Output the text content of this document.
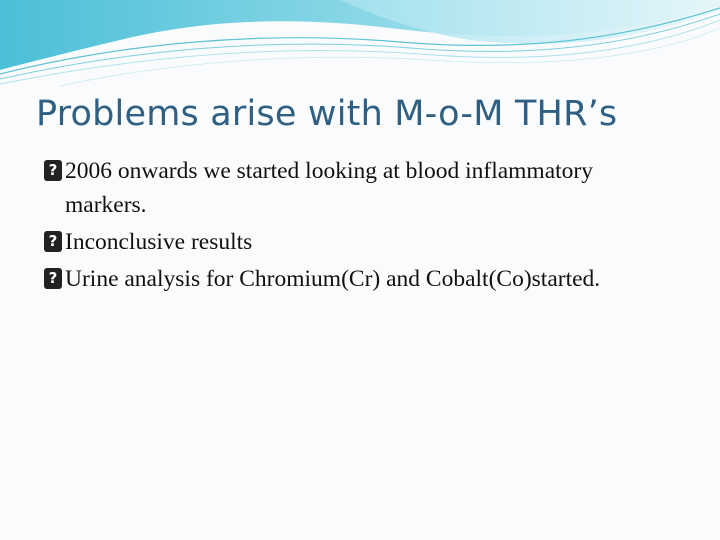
Problems arise with M-o-M THR’s
?
2006 onwards we started looking at blood inflammatory markers.
?
Inconclusive results
?
Urine analysis for Chromium(Cr) and Cobalt(Co)started.
